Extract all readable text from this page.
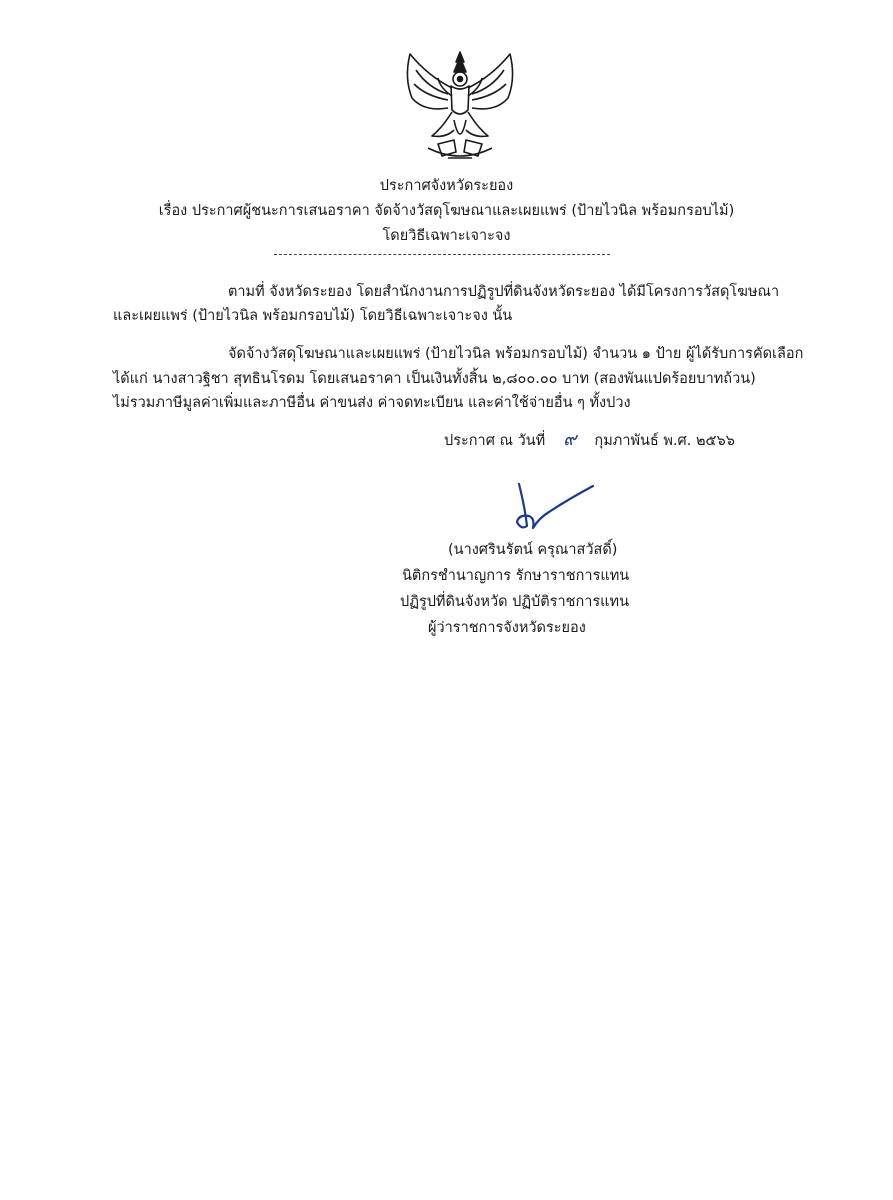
ประกาศจังหวัดระยอง
เรื่อง ประกาศผู้ชนะการเสนอราคา จัดจ้างวัสดุโฆษณาและเผยแพร่ (ป้ายไวนิล พร้อมกรอบไม้)
โดยวิธีเฉพาะเจาะจง
ตามที่ จังหวัดระยอง โดยสำนักงานการปฏิรูปที่ดินจังหวัดระยอง ได้มีโครงการวัสดุโฆษณา
และเผยแพร่ (ป้ายไวนิล พร้อมกรอบไม้) โดยวิธีเฉพาะเจาะจง นั้น
จัดจ้างวัสดุโฆษณาและเผยแพร่ (ป้ายไวนิล พร้อมกรอบไม้) จำนวน ๑ ป้าย ผู้ได้รับการคัดเลือก
ได้แก่ นางสาวฐิชา สุทธินโรดม โดยเสนอราคา เป็นเงินทั้งสิ้น ๒,๘๐๐.๐๐ บาท (สองพันแปดร้อยบาทถ้วน)
ไม่รวมภาษีมูลค่าเพิ่มและภาษีอื่น ค่าขนส่ง ค่าจดทะเบียน และค่าใช้จ่ายอื่น ๆ ทั้งปวง
ประกาศ ณ วันที่ ๙ กุมภาพันธ์ พ.ศ. ๒๕๖๖
(นางศรินรัตน์ ครุณาสวัสดิ์)
นิติกรชำนาญการ รักษาราชการแทน
ปฏิรูปที่ดินจังหวัด ปฏิบัติราชการแทน
ผู้ว่าราชการจังหวัดระยอง
